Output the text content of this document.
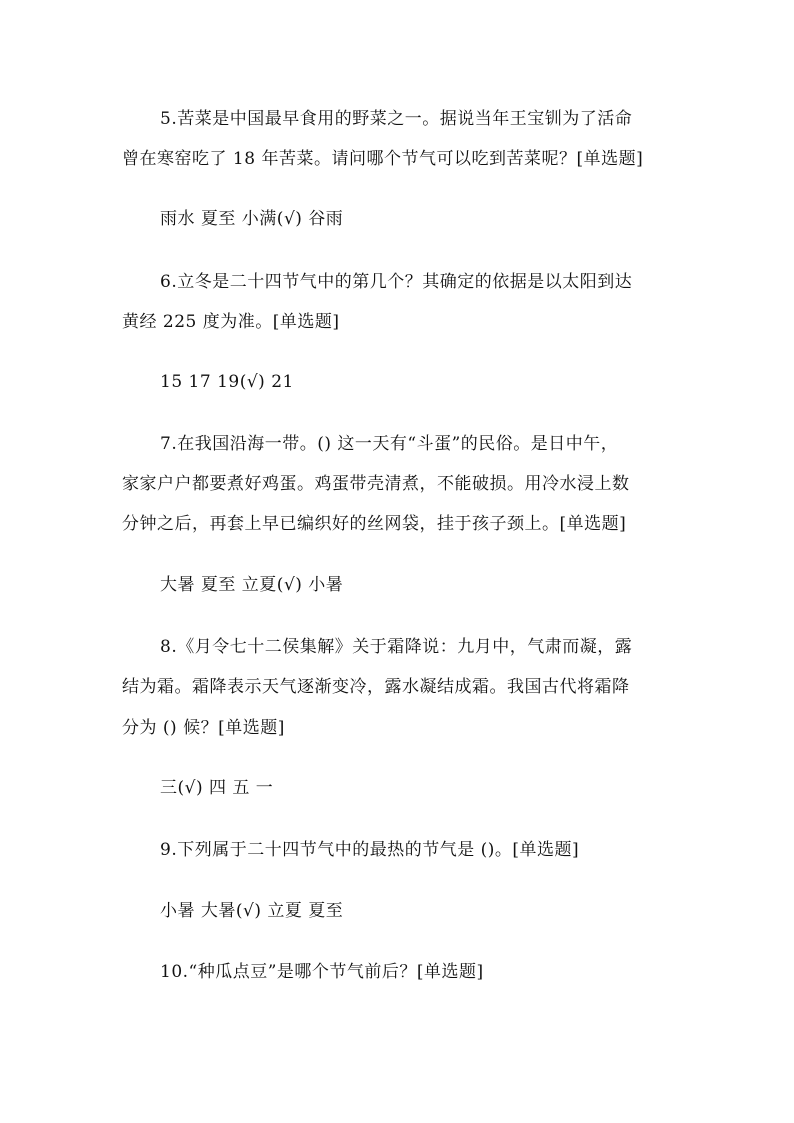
5.苦菜是中国最早食用的野菜之一。据说当年王宝钏为了活命
曾在寒窑吃了 18 年苦菜。请问哪个节气可以吃到苦菜呢？[单选题]
雨水 夏至 小满(√) 谷雨
6.立冬是二十四节气中的第几个？其确定的依据是以太阳到达
黄经 225 度为准。[单选题]
15 17 19(√) 21
7.在我国沿海一带。() 这一天有“斗蛋”的民俗。是日中午，
家家户户都要煮好鸡蛋。鸡蛋带壳清煮，不能破损。用冷水浸上数
分钟之后，再套上早已编织好的丝网袋，挂于孩子颈上。[单选题]
大暑 夏至 立夏(√) 小暑
8.《月令七十二侯集解》关于霜降说：九月中，气肃而凝，露
结为霜。霜降表示天气逐渐变冷，露水凝结成霜。我国古代将霜降
分为 () 候？[单选题]
三(√) 四 五 一
9.下列属于二十四节气中的最热的节气是 ()。[单选题]
小暑 大暑(√) 立夏 夏至
10.“种瓜点豆”是哪个节气前后？[单选题]
